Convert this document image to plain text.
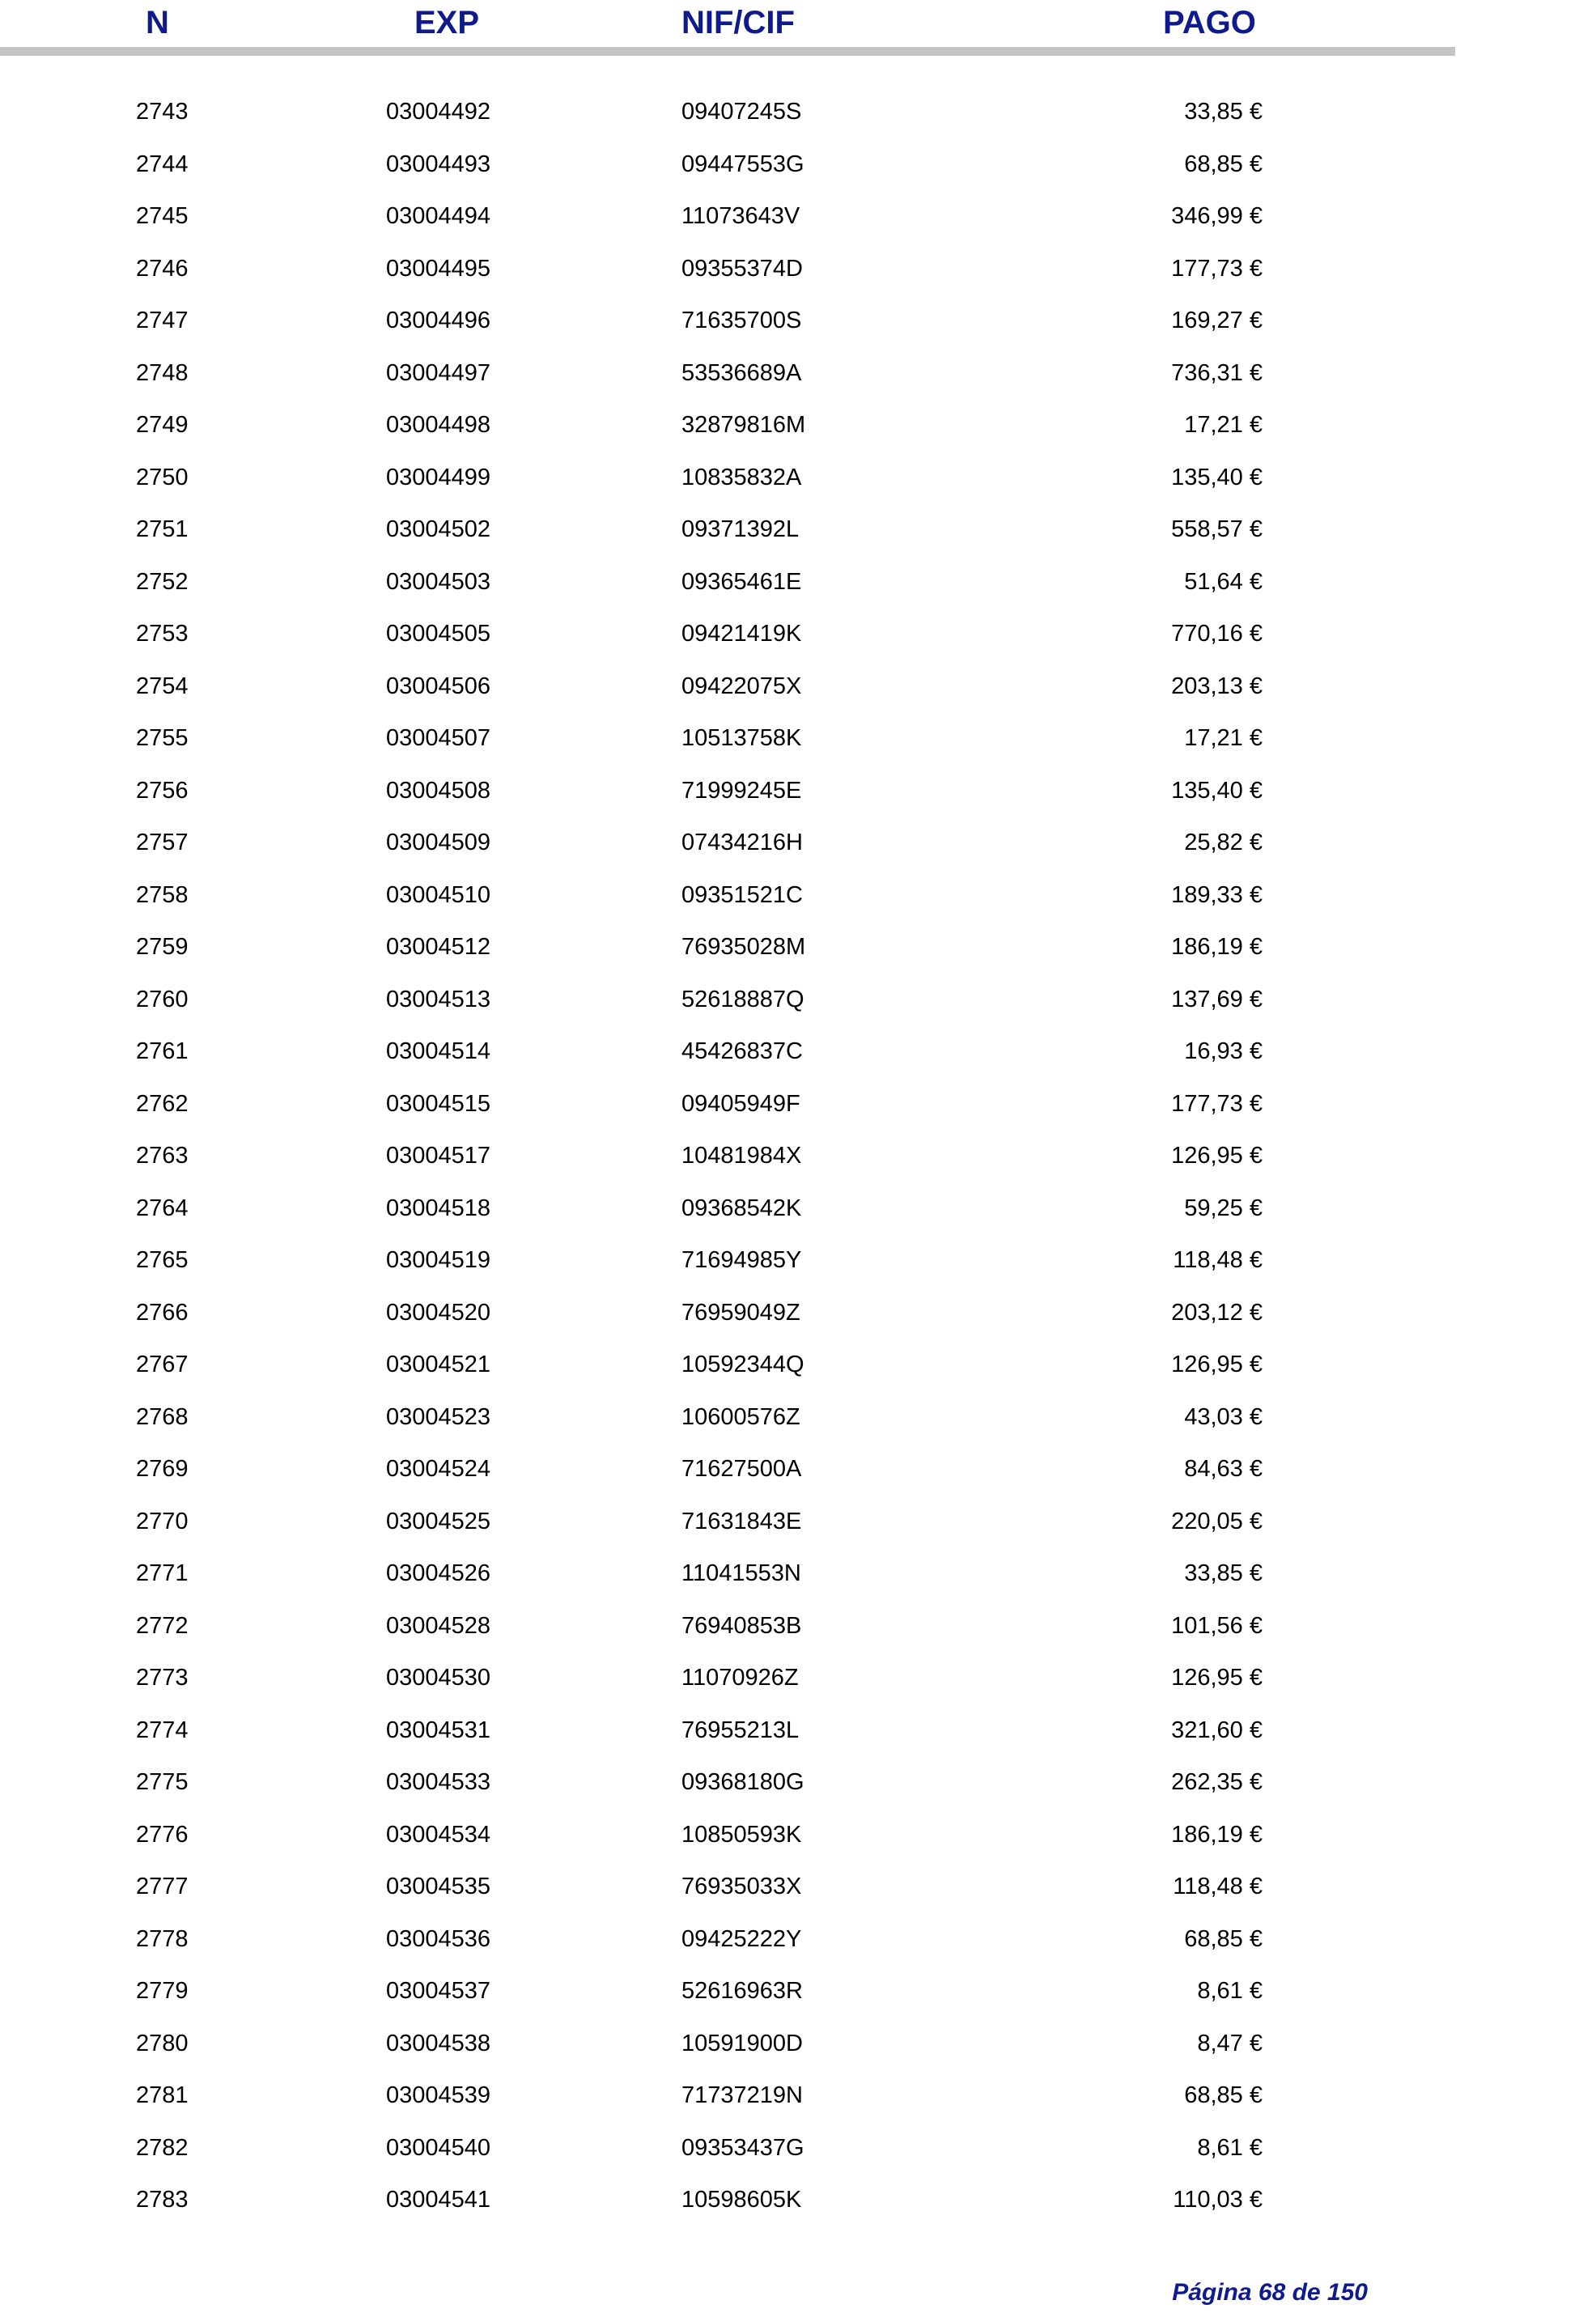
N	EXP	NIF/CIF	PAGO
2743	03004492	09407245S	33,85 €
2744	03004493	09447553G	68,85 €
2745	03004494	11073643V	346,99 €
2746	03004495	09355374D	177,73 €
2747	03004496	71635700S	169,27 €
2748	03004497	53536689A	736,31 €
2749	03004498	32879816M	17,21 €
2750	03004499	10835832A	135,40 €
2751	03004502	09371392L	558,57 €
2752	03004503	09365461E	51,64 €
2753	03004505	09421419K	770,16 €
2754	03004506	09422075X	203,13 €
2755	03004507	10513758K	17,21 €
2756	03004508	71999245E	135,40 €
2757	03004509	07434216H	25,82 €
2758	03004510	09351521C	189,33 €
2759	03004512	76935028M	186,19 €
2760	03004513	52618887Q	137,69 €
2761	03004514	45426837C	16,93 €
2762	03004515	09405949F	177,73 €
2763	03004517	10481984X	126,95 €
2764	03004518	09368542K	59,25 €
2765	03004519	71694985Y	118,48 €
2766	03004520	76959049Z	203,12 €
2767	03004521	10592344Q	126,95 €
2768	03004523	10600576Z	43,03 €
2769	03004524	71627500A	84,63 €
2770	03004525	71631843E	220,05 €
2771	03004526	11041553N	33,85 €
2772	03004528	76940853B	101,56 €
2773	03004530	11070926Z	126,95 €
2774	03004531	76955213L	321,60 €
2775	03004533	09368180G	262,35 €
2776	03004534	10850593K	186,19 €
2777	03004535	76935033X	118,48 €
2778	03004536	09425222Y	68,85 €
2779	03004537	52616963R	8,61 €
2780	03004538	10591900D	8,47 €
2781	03004539	71737219N	68,85 €
2782	03004540	09353437G	8,61 €
2783	03004541	10598605K	110,03 €
Página 68 de 150
